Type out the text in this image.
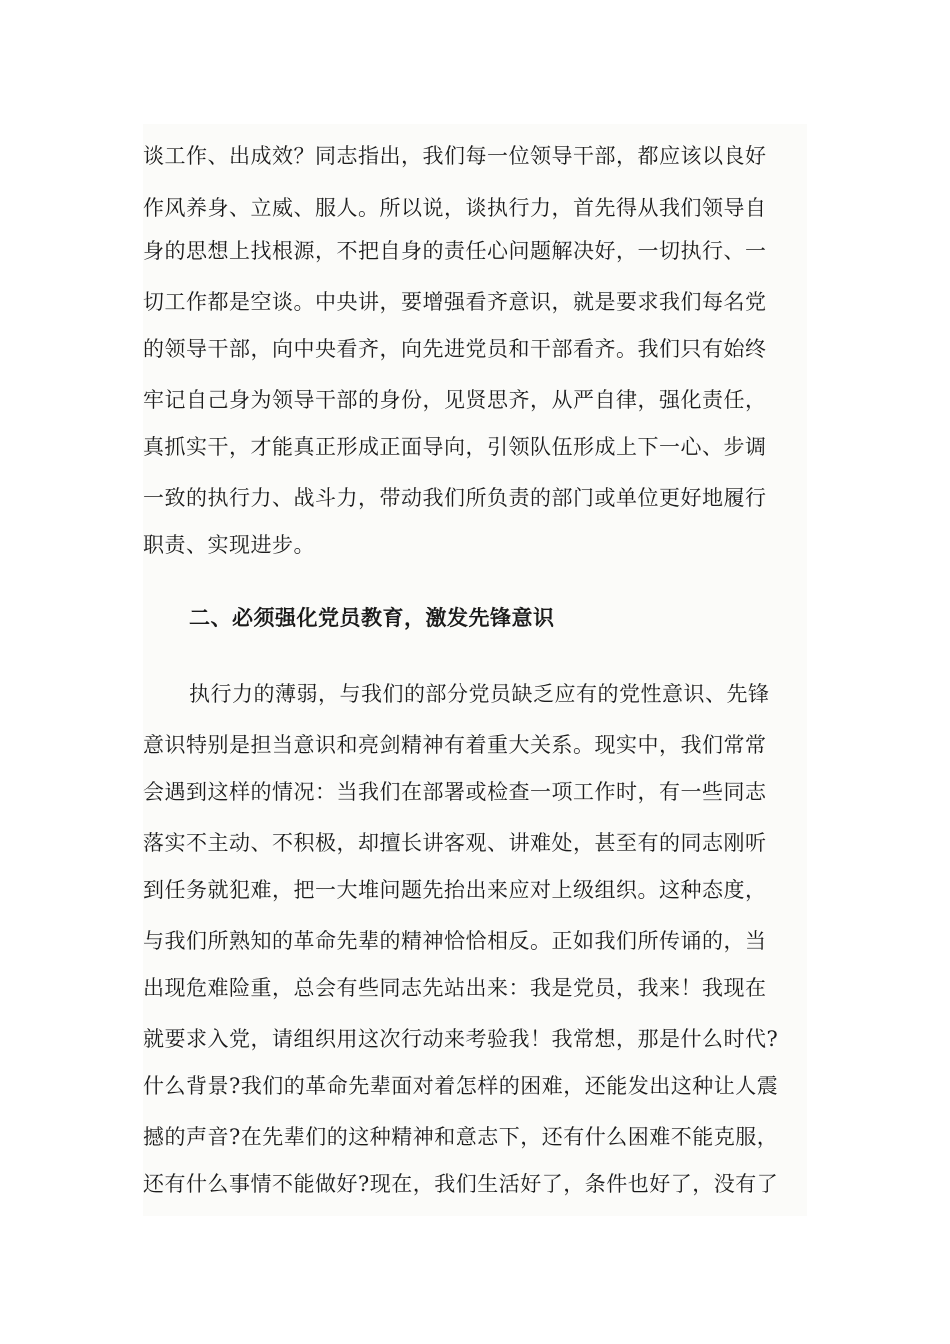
谈工作、出成效？同志指出，我们每一位领导干部，都应该以良好
作风养身、立威、服人。所以说，谈执行力，首先得从我们领导自
身的思想上找根源，不把自身的责任心问题解决好，一切执行、一
切工作都是空谈。中央讲，要增强看齐意识，就是要求我们每名党
的领导干部，向中央看齐，向先进党员和干部看齐。我们只有始终
牢记自己身为领导干部的身份，见贤思齐，从严自律，强化责任，
真抓实干，才能真正形成正面导向，引领队伍形成上下一心、步调
一致的执行力、战斗力，带动我们所负责的部门或单位更好地履行
职责、实现进步。
二、必须强化党员教育，激发先锋意识
执行力的薄弱，与我们的部分党员缺乏应有的党性意识、先锋
意识特别是担当意识和亮剑精神有着重大关系。现实中，我们常常
会遇到这样的情况：当我们在部署或检查一项工作时，有一些同志
落实不主动、不积极，却擅长讲客观、讲难处，甚至有的同志刚听
到任务就犯难，把一大堆问题先抬出来应对上级组织。这种态度，
与我们所熟知的革命先辈的精神恰恰相反。正如我们所传诵的，当
出现危难险重，总会有些同志先站出来：我是党员，我来！我现在
就要求入党，请组织用这次行动来考验我！我常想，那是什么时代?
什么背景?我们的革命先辈面对着怎样的困难，还能发出这种让人震
撼的声音?在先辈们的这种精神和意志下，还有什么困难不能克服，
还有什么事情不能做好?现在，我们生活好了，条件也好了，没有了
